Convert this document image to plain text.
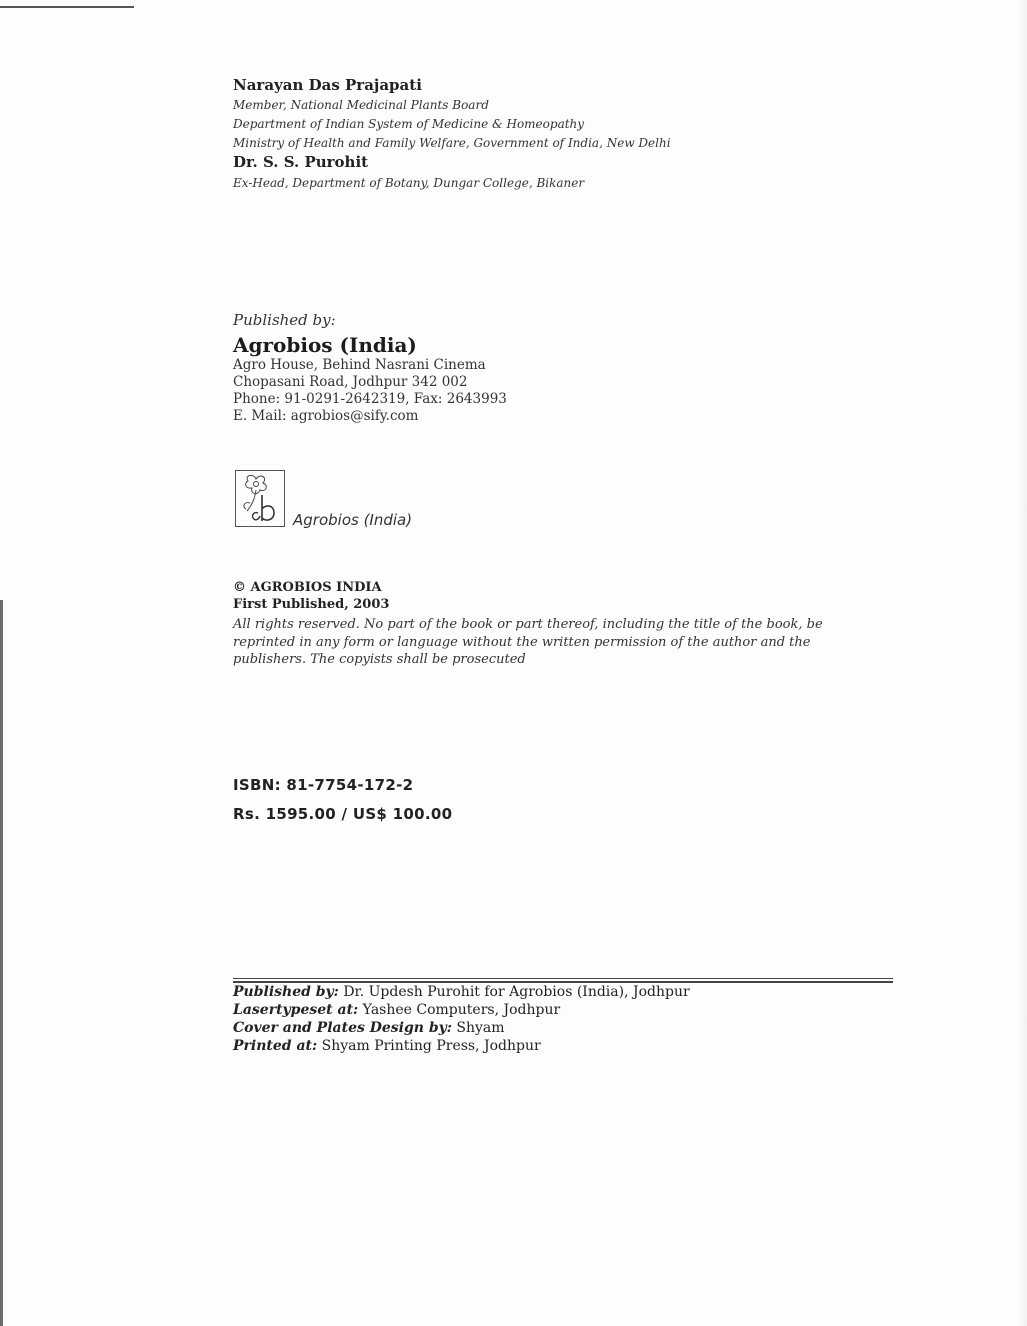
Narayan Das Prajapati
Member, National Medicinal Plants Board
Department of Indian System of Medicine & Homeopathy
Ministry of Health and Family Welfare, Government of India, New Delhi
Dr. S. S. Purohit
Ex-Head, Department of Botany, Dungar College, Bikaner
Published by:
Agrobios (India)
Agro House, Behind Nasrani Cinema
Chopasani Road, Jodhpur 342 002
Phone: 91-0291-2642319, Fax: 2643993
E. Mail: agrobios@sify.com
Agrobios (India)
© AGROBIOS INDIA
First Published, 2003
All rights reserved. No part of the book or part thereof, including the title of the book, be reprinted in any form or language without the written permission of the author and the publishers. The copyists shall be prosecuted
ISBN: 81-7754-172-2
Rs. 1595.00 / US$ 100.00
Published by: Dr. Updesh Purohit for Agrobios (India), Jodhpur
Lasertypeset at: Yashee Computers, Jodhpur
Cover and Plates Design by: Shyam
Printed at: Shyam Printing Press, Jodhpur
